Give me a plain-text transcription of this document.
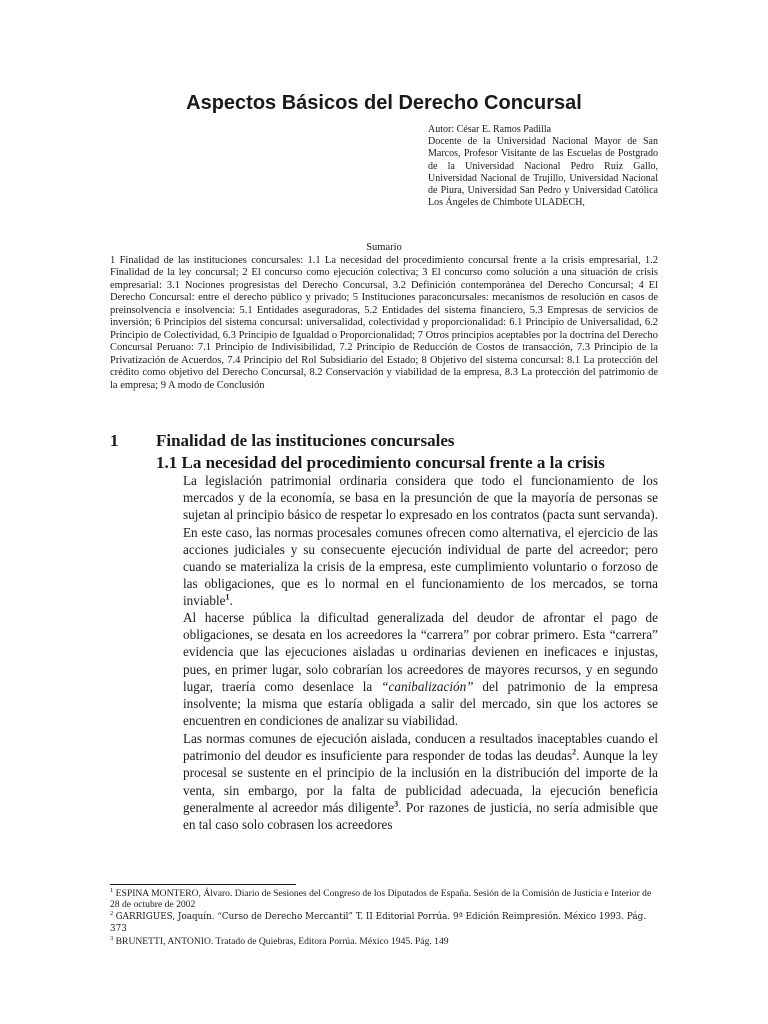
Aspectos Básicos del Derecho Concursal
Autor: César E. Ramos Padilla
Docente de la Universidad Nacional Mayor de San Marcos, Profesor Visitante de las Escuelas de Postgrado de la Universidad Nacional Pedro Ruiz Gallo, Universidad Nacional de Trujillo, Universidad Nacional de Piura, Universidad San Pedro y Universidad Católica Los Ángeles de Chimbote ULADECH,
Sumario
1 Finalidad de las instituciones concursales: 1.1 La necesidad del procedimiento concursal frente a la crisis empresarial, 1.2 Finalidad de la ley concursal; 2 El concurso como ejecución colectiva; 3 El concurso como solución a una situación de crisis empresarial: 3.1 Nociones progresistas del Derecho Concursal, 3.2 Definición contemporánea del Derecho Concursal; 4 El Derecho Concursal: entre el derecho público y privado; 5 Instituciones paraconcursales: mecanismos de resolución en casos de preinsolvencia e insolvencia: 5.1 Entidades aseguradoras, 5.2 Entidades del sistema financiero, 5.3 Empresas de servicios de inversión; 6 Principios del sistema concursal: universalidad, colectividad y proporcionalidad: 6.1 Principio de Universalidad, 6.2 Principio de Colectividad, 6.3 Principio de Igualdad o Proporcionalidad; 7 Otros principios aceptables por la doctrina del Derecho Concursal Peruano: 7.1 Principio de Indivisibilidad, 7.2 Principio de Reducción de Costos de transacción, 7.3 Principio de la Privatización de Acuerdos, 7.4 Principio del Rol Subsidiario del Estado; 8 Objetivo del sistema concursal: 8.1 La protección del crédito como objetivo del Derecho Concursal, 8.2 Conservación y viabilidad de la empresa, 8.3 La protección del patrimonio de la empresa; 9 A modo de Conclusión
1 Finalidad de las instituciones concursales
1.1 La necesidad del procedimiento concursal frente a la crisis
La legislación patrimonial ordinaria considera que todo el funcionamiento de los mercados y de la economía, se basa en la presunción de que la mayoría de personas se sujetan al principio básico de respetar lo expresado en los contratos (pacta sunt servanda). En este caso, las normas procesales comunes ofrecen como alternativa, el ejercicio de las acciones judiciales y su consecuente ejecución individual de parte del acreedor; pero cuando se materializa la crisis de la empresa, este cumplimiento voluntario o forzoso de las obligaciones, que es lo normal en el funcionamiento de los mercados, se torna inviable$^1$.
Al hacerse pública la dificultad generalizada del deudor de afrontar el pago de obligaciones, se desata en los acreedores la “carrera” por cobrar primero. Esta “carrera” evidencia que las ejecuciones aisladas u ordinarias devienen en ineficaces e injustas, pues, en primer lugar, solo cobrarían los acreedores de mayores recursos, y en segundo lugar, traería como desenlace la “canibalización” del patrimonio de la empresa insolvente; la misma que estaría obligada a salir del mercado, sin que los actores se encuentren en condiciones de analizar su viabilidad.
Las normas comunes de ejecución aislada, conducen a resultados inaceptables cuando el patrimonio del deudor es insuficiente para responder de todas las deudas$^2$. Aunque la ley procesal se sustente en el principio de la inclusión en la distribución del importe de la venta, sin embargo, por la falta de publicidad adecuada, la ejecución beneficia generalmente al acreedor más diligente$^3$. Por razones de justicia, no sería admisible que en tal caso solo cobrasen los acreedores
$^1$ ESPINA MONTERO, Álvaro. Diario de Sesiones del Congreso de los Diputados de España. Sesión de la Comisión de Justicia e Interior de 28 de octubre de 2002
$^2$ GARRIGUES, Joaquín. “Curso de Derecho Mercantil” T. II Editorial Porrúa. 9ª Edición Reimpresión. México 1993. Pág. 373
$^3$ BRUNETTI, ANTONIO. Tratado de Quiebras, Editora Porrúa. México 1945. Pág. 149
